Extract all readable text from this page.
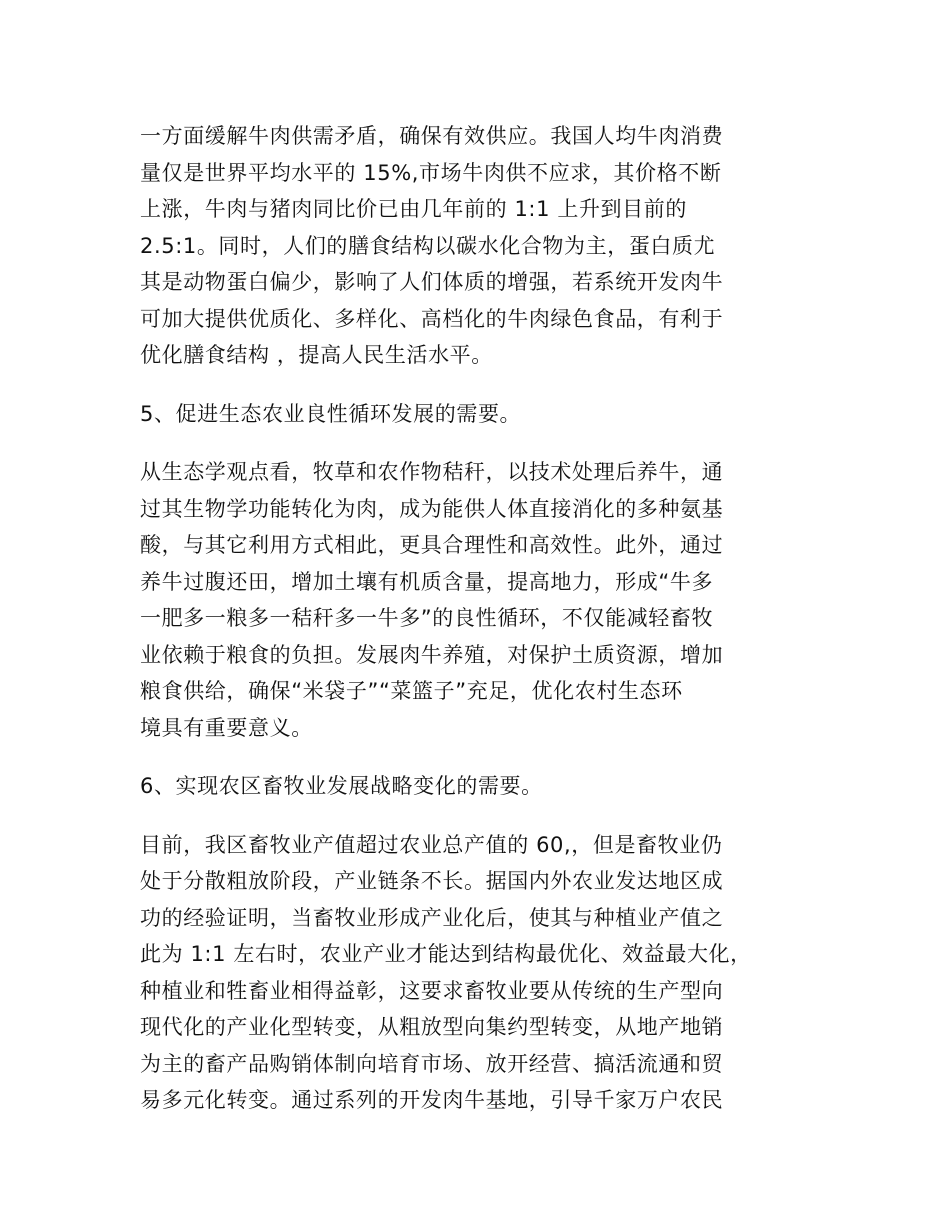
一方面缓解牛肉供需矛盾，确保有效供应。我国人均牛肉消费
量仅是世界平均水平的 15%,市场牛肉供不应求，其价格不断
上涨，牛肉与猪肉同比价已由几年前的 1:1 上升到目前的
2.5:1。同时，人们的膳食结构以碳水化合物为主，蛋白质尤
其是动物蛋白偏少，影响了人们体质的增强，若系统开发肉牛
可加大提供优质化、多样化、高档化的牛肉绿色食品，有利于
优化膳食结构 ，提高人民生活水平。
5、促进生态农业良性循环发展的需要。
从生态学观点看，牧草和农作物秸秆，以技术处理后养牛，通
过其生物学功能转化为肉，成为能供人体直接消化的多种氨基
酸，与其它利用方式相此，更具合理性和高效性。此外，通过
养牛过腹还田，增加土壤有机质含量，提高地力，形成“牛多
一肥多一粮多一秸秆多一牛多”的良性循环，不仅能减轻畜牧
业依赖于粮食的负担。发展肉牛养殖，对保护土质资源，增加
粮食供给，确保“米袋子”“菜篮子”充足，优化农村生态环
境具有重要意义。
6、实现农区畜牧业发展战略变化的需要。
目前，我区畜牧业产值超过农业总产值的 60,，但是畜牧业仍
处于分散粗放阶段，产业链条不长。据国内外农业发达地区成
功的经验证明，当畜牧业形成产业化后，使其与种植业产值之
此为 1:1 左右时，农业产业才能达到结构最优化、效益最大化，
种植业和牲畜业相得益彰，这要求畜牧业要从传统的生产型向
现代化的产业化型转变，从粗放型向集约型转变，从地产地销
为主的畜产品购销体制向培育市场、放开经营、搞活流通和贸
易多元化转变。通过系列的开发肉牛基地，引导千家万户农民
